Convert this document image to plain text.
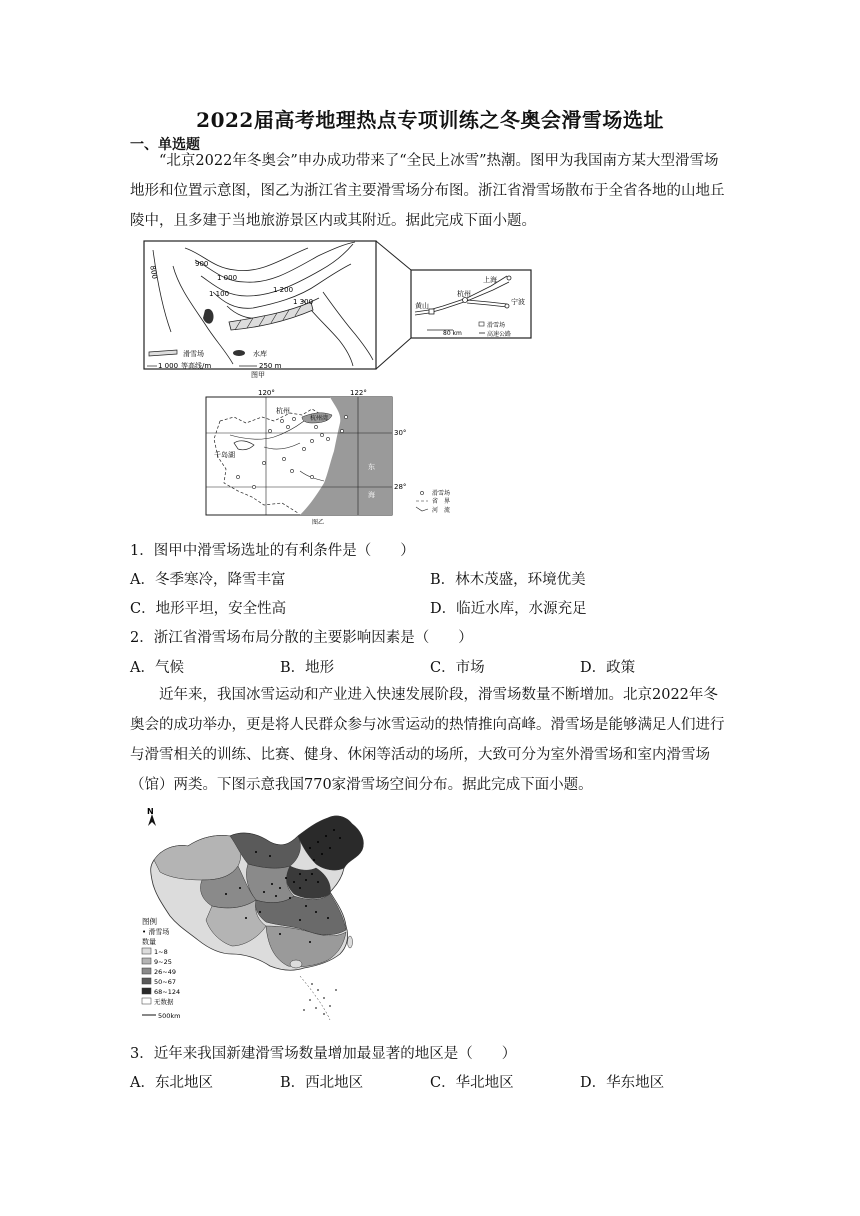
2022届高考地理热点专项训练之冬奥会滑雪场选址
一、单选题
“北京2022年冬奥会”申办成功带来了“全民上冰雪”热潮。图甲为我国南方某大型滑雪场地形和位置示意图，图乙为浙江省主要滑雪场分布图。浙江省滑雪场散布于全省各地的山地丘陵中，且多建于当地旅游景区内或其附近。据此完成下面小题。
800
900
1 000
1 100	1 200
1 300
滑雪场	水库
1 000 等高线/m	250 m
图甲
上海
杭州
宁波
黄山
80 km
滑雪场
高速公路
120°	122°
杭州
杭州湾
千岛湖
东
海
30°
28°
图乙
滑雪场
省　界
河　流
1．图甲中滑雪场选址的有利条件是（　　）
A．冬季寒冷，降雪丰富	B．林木茂盛，环境优美
C．地形平坦，安全性高	D．临近水库，水源充足
2．浙江省滑雪场布局分散的主要影响因素是（　　）
A．气候	B．地形	C．市场	D．政策
近年来，我国冰雪运动和产业进入快速发展阶段，滑雪场数量不断增加。北京2022年冬奥会的成功举办，更是将人民群众参与冰雪运动的热情推向高峰。滑雪场是能够满足人们进行与滑雪相关的训练、比赛、健身、休闲等活动的场所，大致可分为室外滑雪场和室内滑雪场（馆）两类。下图示意我国770家滑雪场空间分布。据此完成下面小题。
N
图例
• 滑雪场
数量
1~8
9~25
26~49
50~67
68~124
无数据
500km
3．近年来我国新建滑雪场数量增加最显著的地区是（　　）
A．东北地区	B．西北地区	C．华北地区	D．华东地区
